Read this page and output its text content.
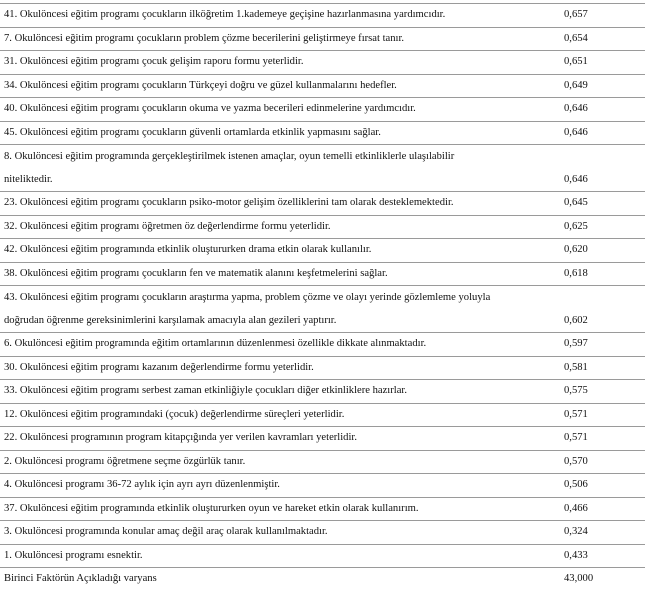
41. Okulöncesi eğitim programı çocukların ilköğretim 1.kademeye geçişine hazırlanmasına yardımcıdır.	0,657
7. Okulöncesi eğitim programı çocukların problem çözme becerilerini geliştirmeye fırsat tanır.	0,654
31. Okulöncesi eğitim programı çocuk gelişim raporu formu yeterlidir.	0,651
34. Okulöncesi eğitim programı çocukların Türkçeyi doğru ve güzel kullanmalarını hedefler.	0,649
40. Okulöncesi eğitim programı çocukların okuma ve yazma becerileri edinmelerine yardımcıdır.	0,646
45. Okulöncesi eğitim programı çocukların güvenli ortamlarda etkinlik yapmasını sağlar.	0,646

8. Okulöncesi eğitim programında gerçekleştirilmek istenen amaçlar, oyun temelli etkinliklerle ulaşılabilir
niteliktedir.	0,646
23. Okulöncesi eğitim programı çocukların psiko-motor gelişim özelliklerini tam olarak desteklemektedir.	0,645
32. Okulöncesi eğitim programı öğretmen öz değerlendirme formu yeterlidir.	0,625
42. Okulöncesi eğitim programında etkinlik oluştururken drama etkin olarak kullanılır.	0,620
38. Okulöncesi eğitim programı çocukların fen ve matematik alanını keşfetmelerini sağlar.	0,618

43. Okulöncesi eğitim programı çocukların araştırma yapma, problem çözme ve olayı yerinde gözlemleme yoluyla
doğrudan öğrenme gereksinimlerini karşılamak amacıyla alan gezileri yaptırır.	0,602
6. Okulöncesi eğitim programında eğitim ortamlarının düzenlenmesi özellikle dikkate alınmaktadır.	0,597
30. Okulöncesi eğitim programı kazanım değerlendirme formu yeterlidir.	0,581
33. Okulöncesi eğitim programı serbest zaman etkinliğiyle çocukları diğer etkinliklere hazırlar.	0,575
12. Okulöncesi eğitim programındaki (çocuk) değerlendirme süreçleri yeterlidir.	0,571
22. Okulöncesi programının program kitapçığında yer verilen kavramları yeterlidir.	0,571
2. Okulöncesi programı öğretmene seçme özgürlük tanır.	0,570
4. Okulöncesi programı 36-72 aylık için ayrı ayrı düzenlenmiştir.	0,506
37. Okulöncesi eğitim programında etkinlik oluştururken oyun ve hareket etkin olarak kullanırım.	0,466
3. Okulöncesi programında konular amaç değil araç olarak kullanılmaktadır.	0,324
1. Okulöncesi programı esnektir.	0,433
Birinci Faktörün Açıkladığı varyans	43,000
